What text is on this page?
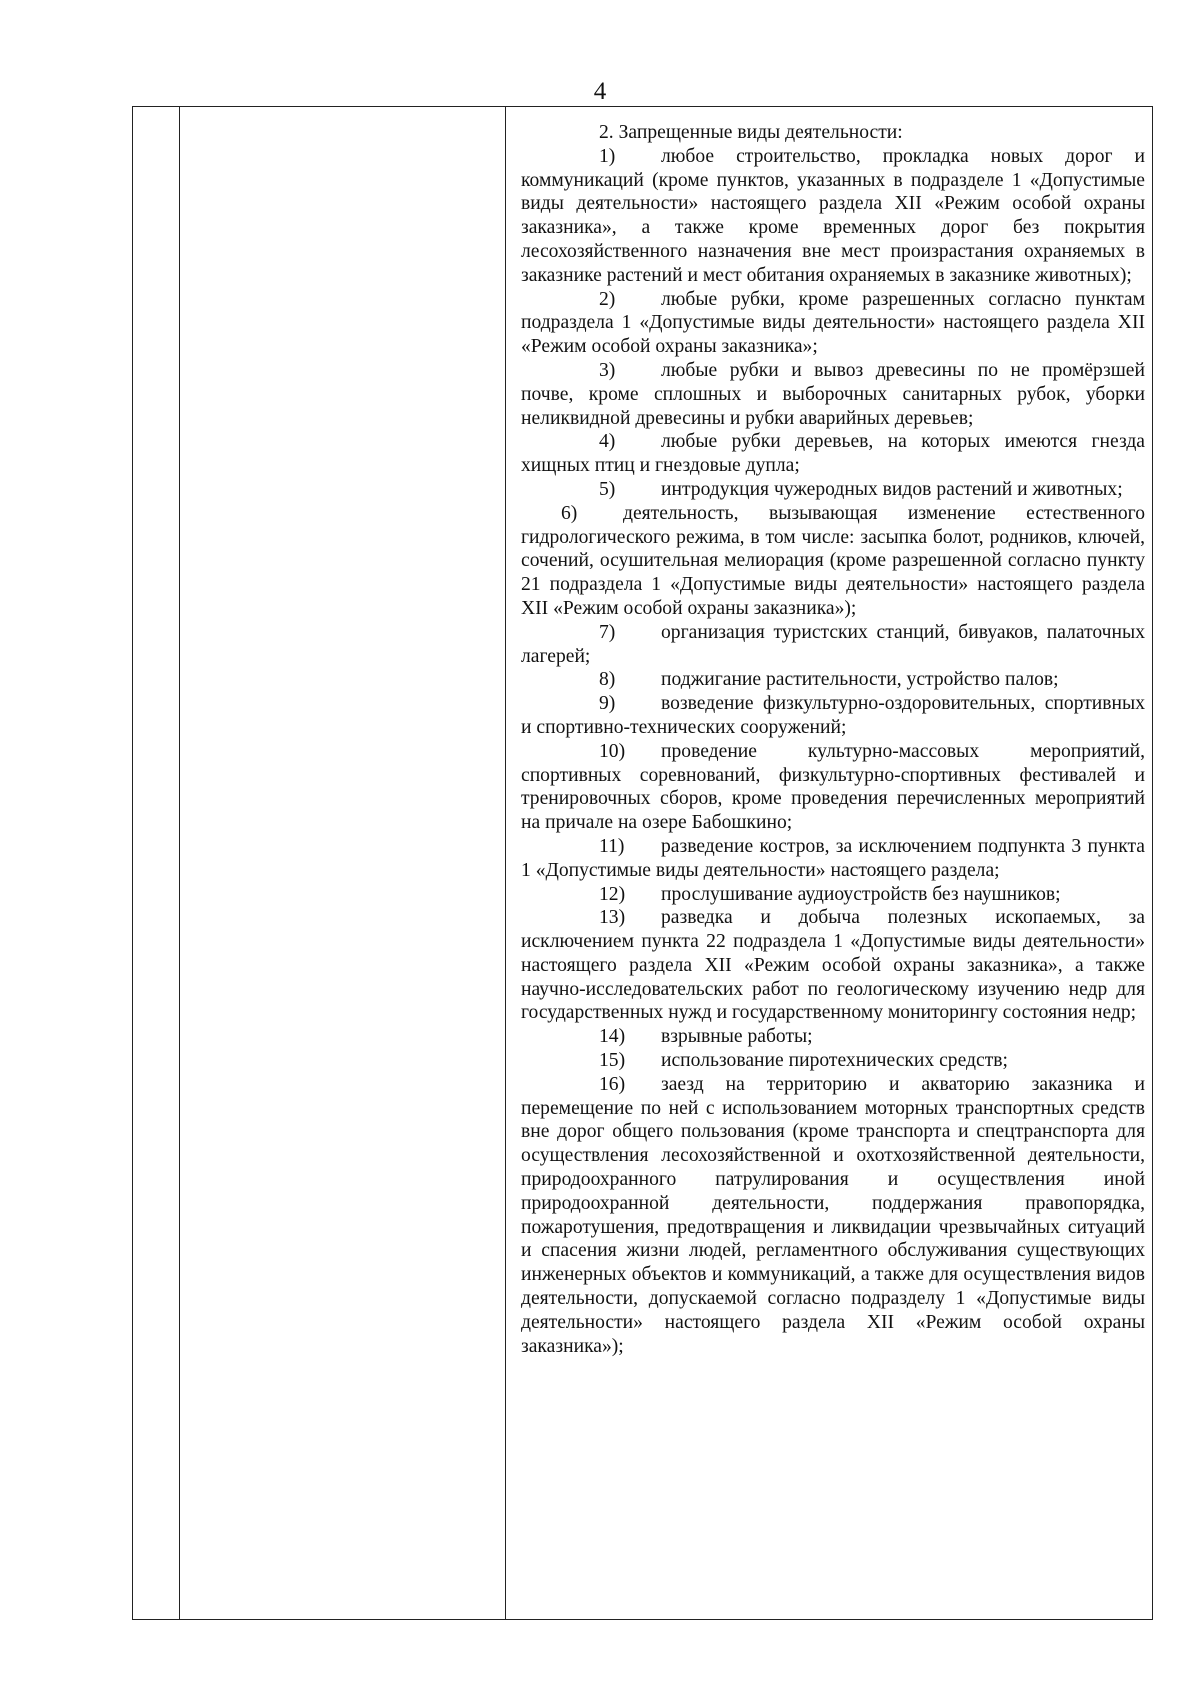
4

2. Запрещенные виды деятельности:

1) любое строительство, прокладка новых дорог и коммуникаций (кроме пунктов, указанных в подразделе 1 «Допустимые виды деятельности» настоящего раздела XII «Режим особой охраны заказника», а также кроме временных дорог без покрытия лесохозяйственного назначения вне мест произрастания охраняемых в заказнике растений и мест обитания охраняемых в заказнике животных);

2) любые рубки, кроме разрешенных согласно пунктам подраздела 1 «Допустимые виды деятельности» настоящего раздела XII «Режим особой охраны заказника»;

3) любые рубки и вывоз древесины по не промёрзшей почве, кроме сплошных и выборочных санитарных рубок, уборки неликвидной древесины и рубки аварийных деревьев;

4) любые рубки деревьев, на которых имеются гнезда хищных птиц и гнездовые дупла;

5) интродукция чужеродных видов растений и животных;

6) деятельность, вызывающая изменение естественного гидрологического режима, в том числе: засыпка болот, родников, ключей, сочений, осушительная мелиорация (кроме разрешенной согласно пункту 21 подраздела 1 «Допустимые виды деятельности» настоящего раздела XII «Режим особой охраны заказника»);

7) организация туристских станций, бивуаков, палаточных лагерей;

8) поджигание растительности, устройство палов;

9) возведение физкультурно-оздоровительных, спортивных и спортивно-технических сооружений;

10) проведение культурно-массовых мероприятий, спортивных соревнований, физкультурно-спортивных фестивалей и тренировочных сборов, кроме проведения перечисленных мероприятий на причале на озере Бабошкино;

11) разведение костров, за исключением подпункта 3 пункта 1 «Допустимые виды деятельности» настоящего раздела;

12) прослушивание аудиоустройств без наушников;

13) разведка и добыча полезных ископаемых, за исключением пункта 22 подраздела 1 «Допустимые виды деятельности» настоящего раздела XII «Режим особой охраны заказника», а также научно-исследовательских работ по геологическому изучению недр для государственных нужд и государственному мониторингу состояния недр;

14) взрывные работы;

15) использование пиротехнических средств;

16) заезд на территорию и акваторию заказника и перемещение по ней с использованием моторных транспортных средств вне дорог общего пользования (кроме транспорта и спецтранспорта для осуществления лесохозяйственной и охотхозяйственной деятельности, природоохранного патрулирования и осуществления иной природоохранной деятельности, поддержания правопорядка, пожаротушения, предотвращения и ликвидации чрезвычайных ситуаций и спасения жизни людей, регламентного обслуживания существующих инженерных объектов и коммуникаций, а также для осуществления видов деятельности, допускаемой согласно подразделу 1 «Допустимые виды деятельности» настоящего раздела XII «Режим особой охраны заказника»);
